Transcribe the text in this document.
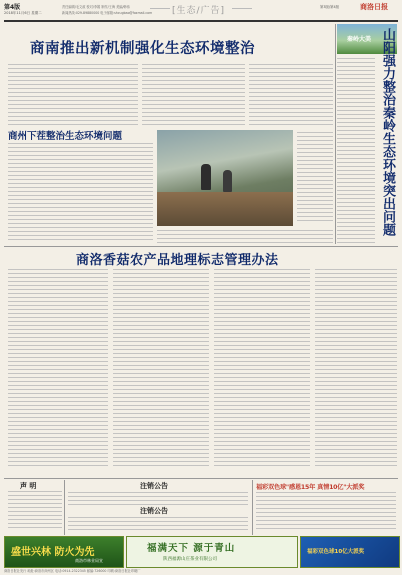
第4版
2018年11月6日 星期二
责任编辑/毛文政 校对/李娟 制作/王海 美编/韩伟
新闻热线:029-89880000 电子邮箱:shcugbao@foxmail.com [生态/广告]	第3版/第4版	商洛日报
商南推出新机制强化生态环境整治
商州下茬整治生态环境问题
秦岭大美 山阳强力整治秦岭生态环境突出问题
商洛香菇农产品地理标志管理办法
声 明	注销公告
注销公告
福彩双色球"感恩15年 真情10亿"大派奖
盛世兴林 防火为先
商洛市林业局宣
福满天下 源于青山
陕西福源山庄茶业有限公司
福彩双色球10亿大派奖
商洛日报社发行 地址:商洛市商州区 电话:0914-2322345 邮编:726000 印刷:商洛日报社印刷厂
